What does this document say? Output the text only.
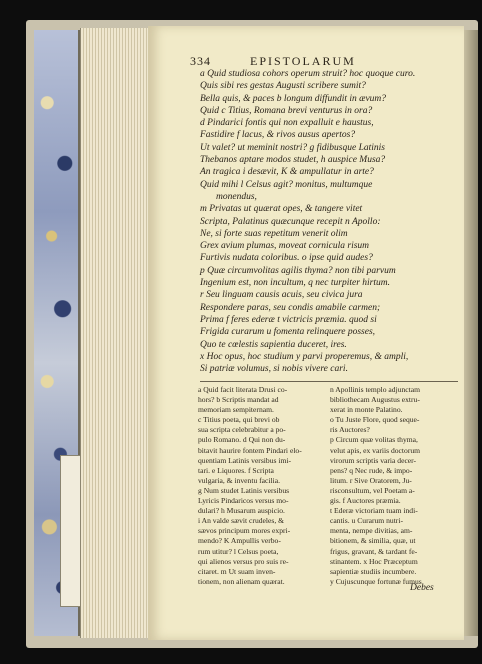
334	EPISTOLARUM
a Quid studiosa cohors operum struit? hoc quoque curo.
Quis sibi res gestas Augusti scribere sumit?
Bella quis, & paces b longum diffundit in ævum?
Quid c Titius, Romana brevi venturus in ora?
d Pindarici fontis qui non expalluit e haustus,
Fastidire f lacus, & rivos ausus apertos?
Ut valet? ut meminit nostri? g fidibusque Latinis
Thebanos aptare modos studet, h auspice Musa?
An tragica i desævit, K & ampullatur in arte?
Quid mihi l Celsus agit? monitus, multumque
monendus,
m Privatas ut quærat opes, & tangere vitet
Scripta, Palatinus quæcunque recepit n Apollo:
Ne, si forte suas repetitum venerit olim
Grex avium plumas, moveat cornicula risum
Furtivis nudata coloribus. o ipse quid audes?
p Quæ circumvolitas agilis thyma? non tibi parvum
Ingenium est, non incultum, q nec turpiter hirtum.
r Seu linguam causis acuis, seu civica jura
Respondere paras, seu condis amabile carmen;
Prima f feres ederæ t victricis præmia. quod si
Frigida curarum u fomenta relinquere posses,
Quo te cœlestis sapientia duceret, ires.
x Hoc opus, hoc studium y parvi properemus, & ampli,
Si patriæ volumus, si nobis vivere cari.
a Quid facit literata Drusi co-
hors? b Scriptis mandat ad
memoriam sempiternam.
c Titius poeta, qui brevi ob
sua scripta celebrabitur a po-
pulo Romano. d Qui non du-
bitavit haurire fontem Pindari elo-
quentiam Latinis versibus imi-
tari. e Liquores. f Scripta
vulgaria, & inventu facilia.
g Num studet Latinis versibus
Lyricis Pindaricos versus mo-
dulari? h Musarum auspicio.
i An valde sævit crudeles, &
sævos principum mores expri-
mendo? K Ampullis verbo-
rum utitur? l Celsus poeta,
qui alienos versus pro suis re-
citaret. m Ut suam inven-
tionem, non alienam quærat.
n Apollinis templo adjunctam
bibliothecam Augustus extru-
xerat in monte Palatino.
o Tu Juste Flore, quod seque-
ris Auctores?
p Circum quæ volitas thyma,
velut apis, ex variis doctorum
virorum scriptis varia decer-
pens? q Nec rude, & impo-
litum. r Sive Oratorem, Ju-
risconsultum, vel Poetam a-
gis. f Auctores præmia.
t Ederæ victoriam tuam indi-
cantis. u Curarum nutri-
menta, nempe divitias, am-
bitionem, & similia, quæ, ut
frigus, gravant, & tardant fe-
stinantem. x Hoc Præceptum
sapientiæ studiis incumbere.
y Cujuscunque fortunæ fumus
Debes
